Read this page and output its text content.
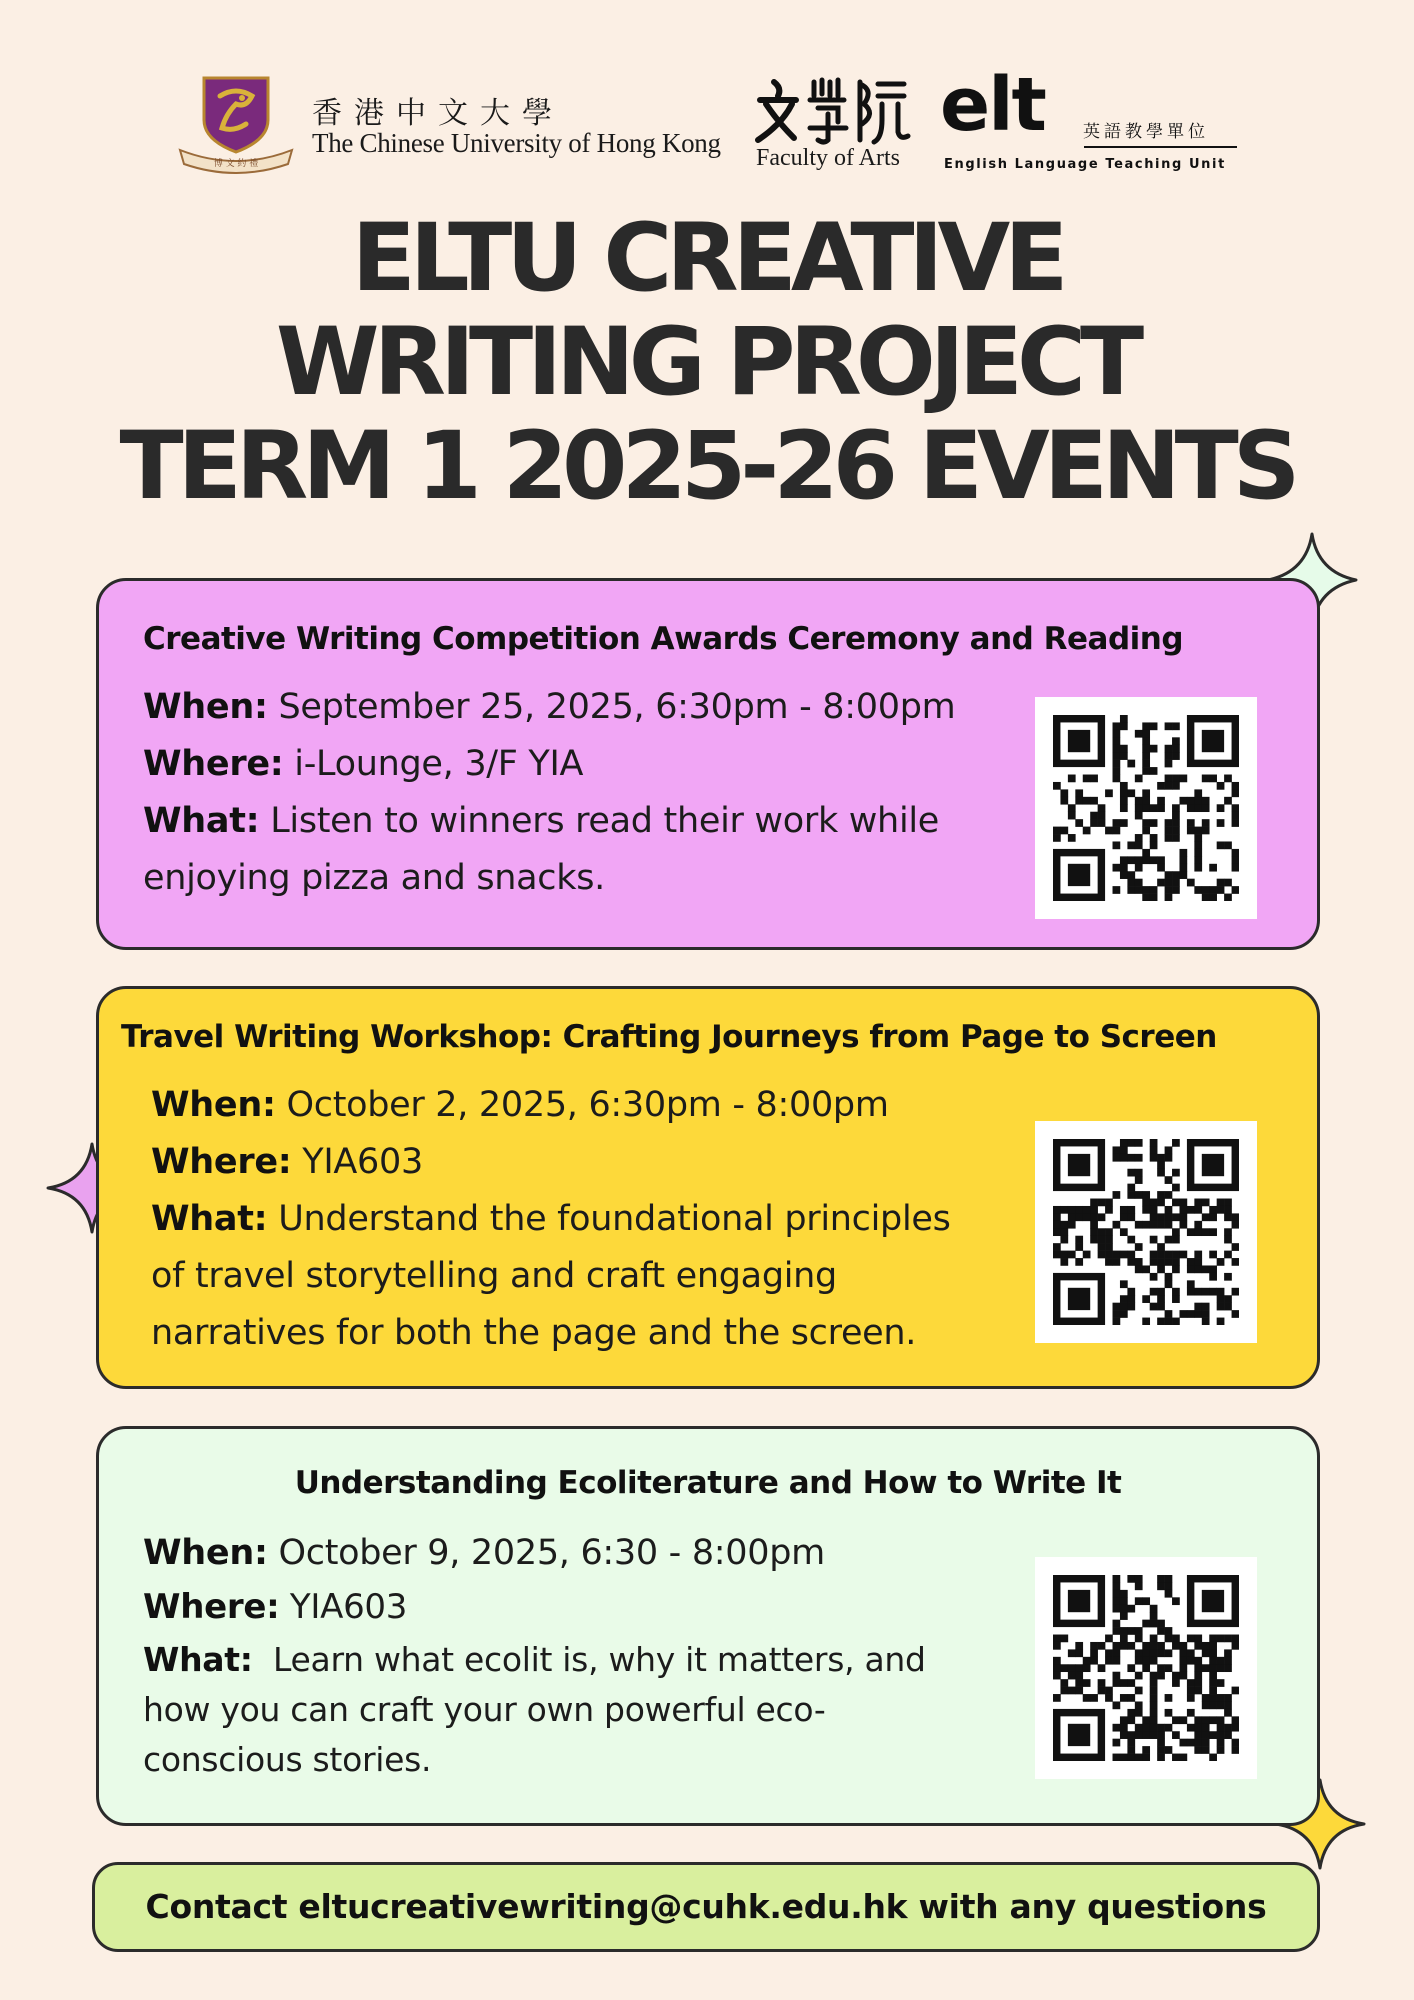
博 文 約 禮
香港中文大學
The Chinese University of Hong Kong Faculty of Arts
elt 英語教學單位
English Language Teaching Unit
ELTU CREATIVE
WRITING PROJECT
TERM 1 2025-26 EVENTS
Creative Writing Competition Awards Ceremony and Reading
When: September 25, 2025, 6:30pm - 8:00pm
Where: i-Lounge, 3/F YIA
What: Listen to winners read their work while
enjoying pizza and snacks.
Travel Writing Workshop: Crafting Journeys from Page to Screen
When: October 2, 2025, 6:30pm - 8:00pm
Where: YIA603
What: Understand the foundational principles
of travel storytelling and craft engaging
narratives for both the page and the screen.
Understanding Ecoliterature and How to Write It
When: October 9, 2025, 6:30 - 8:00pm
Where: YIA603
What: Learn what ecolit is, why it matters, and
how you can craft your own powerful eco-
conscious stories.
Contact eltucreativewriting@cuhk.edu.hk with any questions
